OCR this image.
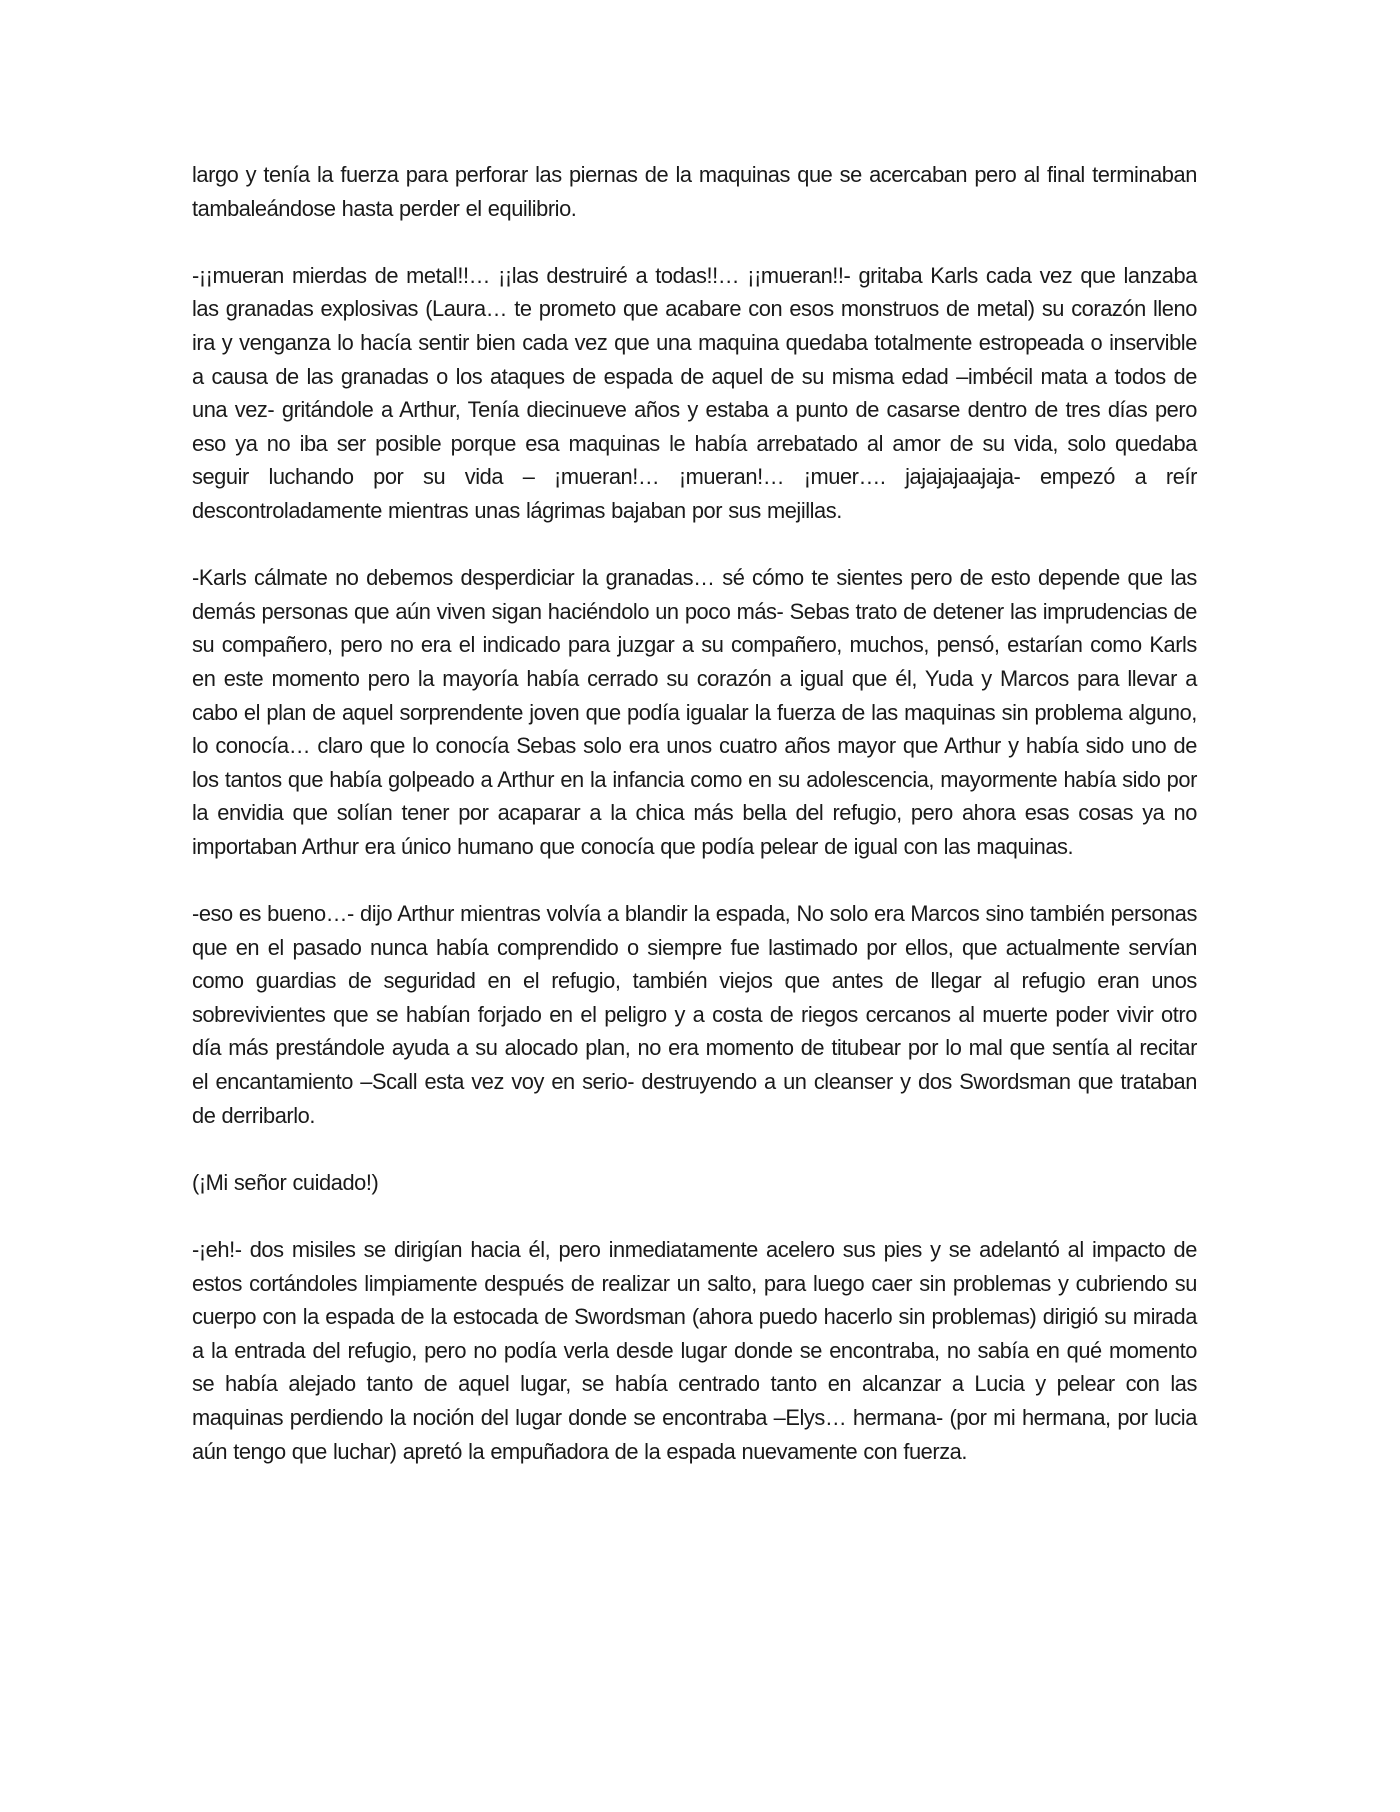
largo y tenía la fuerza para perforar las piernas de la maquinas que se acercaban pero al final terminaban tambaleándose hasta perder el equilibrio.

-¡¡mueran mierdas de metal!!… ¡¡las destruiré a todas!!… ¡¡mueran!!- gritaba Karls cada vez que lanzaba las granadas explosivas (Laura… te prometo que acabare con esos monstruos de metal) su corazón lleno ira y venganza lo hacía sentir bien cada vez que una maquina quedaba totalmente estropeada o inservible a causa de las granadas o los ataques de espada de aquel de su misma edad –imbécil mata a todos de una vez- gritándole a Arthur, Tenía diecinueve años y estaba a punto de casarse dentro de tres días pero eso ya no iba ser posible porque esa maquinas le había arrebatado al amor de su vida, solo quedaba seguir luchando por su vida – ¡mueran!… ¡mueran!… ¡muer…. jajajajaajaja- empezó a reír descontroladamente mientras unas lágrimas bajaban por sus mejillas.

-Karls cálmate no debemos desperdiciar la granadas… sé cómo te sientes pero de esto depende que las demás personas que aún viven sigan haciéndolo un poco más- Sebas trato de detener las imprudencias de su compañero, pero no era el indicado para juzgar a su compañero, muchos, pensó, estarían como Karls en este momento pero la mayoría había cerrado su corazón a igual que él, Yuda y Marcos para llevar a cabo el plan de aquel sorprendente joven que podía igualar la fuerza de las maquinas sin problema alguno, lo conocía… claro que lo conocía Sebas solo era unos cuatro años mayor que Arthur y había sido uno de los tantos que había golpeado a Arthur en la infancia como en su adolescencia, mayormente había sido por la envidia que solían tener por acaparar a la chica más bella del refugio, pero ahora esas cosas ya no importaban Arthur era único humano que conocía que podía pelear de igual con las maquinas.

-eso es bueno…- dijo Arthur mientras volvía a blandir la espada, No solo era Marcos sino también personas que en el pasado nunca había comprendido o siempre fue lastimado por ellos, que actualmente servían como guardias de seguridad en el refugio, también viejos que antes de llegar al refugio eran unos sobrevivientes que se habían forjado en el peligro y a costa de riegos cercanos al muerte poder vivir otro día más prestándole ayuda a su alocado plan, no era momento de titubear por lo mal que sentía al recitar el encantamiento –Scall esta vez voy en serio- destruyendo a un cleanser y dos Swordsman que trataban de derribarlo.

(¡Mi señor cuidado!)

-¡eh!- dos misiles se dirigían hacia él, pero inmediatamente acelero sus pies y se adelantó al impacto de estos cortándoles limpiamente después de realizar un salto, para luego caer sin problemas y cubriendo su cuerpo con la espada de la estocada de Swordsman (ahora puedo hacerlo sin problemas) dirigió su mirada a la entrada del refugio, pero no podía verla desde lugar donde se encontraba, no sabía en qué momento se había alejado tanto de aquel lugar, se había centrado tanto en alcanzar a Lucia y pelear con las maquinas perdiendo la noción del lugar donde se encontraba –Elys… hermana- (por mi hermana, por lucia aún tengo que luchar) apretó la empuñadora de la espada nuevamente con fuerza.
